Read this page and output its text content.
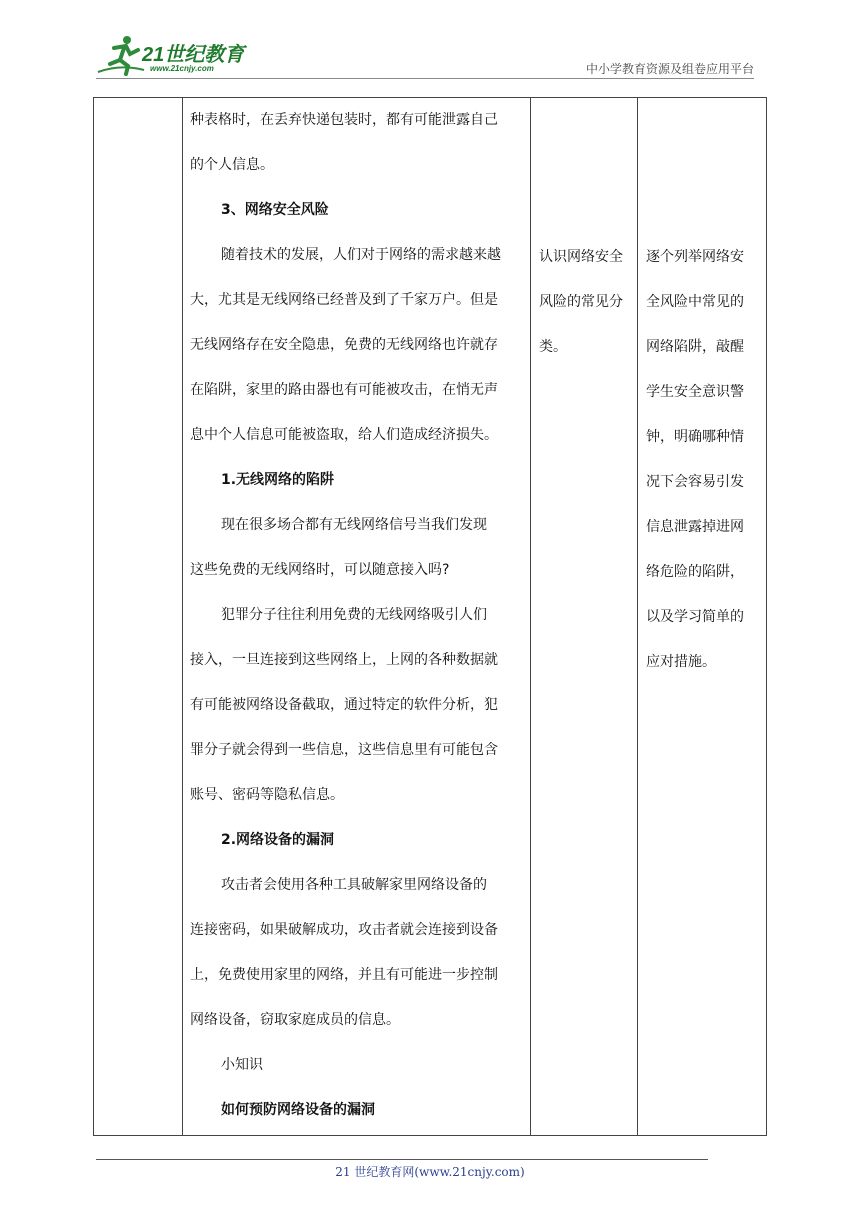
21世纪教育
www.21cnjy.com	中小学教育资源及组卷应用平台
种表格时，在丢弃快递包装时，都有可能泄露自己
的个人信息。
3、网络安全风险
随着技术的发展，人们对于网络的需求越来越
大，尤其是无线网络已经普及到了千家万户。但是
无线网络存在安全隐患，免费的无线网络也许就存
在陷阱，家里的路由器也有可能被攻击，在悄无声
息中个人信息可能被盗取，给人们造成经济损失。
1.无线网络的陷阱
现在很多场合都有无线网络信号当我们发现
这些免费的无线网络时，可以随意接入吗?
犯罪分子往往利用免费的无线网络吸引人们
接入，一旦连接到这些网络上，上网的各种数据就
有可能被网络设备截取，通过特定的软件分析，犯
罪分子就会得到一些信息，这些信息里有可能包含
账号、密码等隐私信息。
2.网络设备的漏洞
攻击者会使用各种工具破解家里网络设备的
连接密码，如果破解成功，攻击者就会连接到设备
上，免费使用家里的网络，并且有可能进一步控制
网络设备，窃取家庭成员的信息。
小知识
如何预防网络设备的漏洞
认识网络安全
风险的常见分
类。
逐个列举网络安
全风险中常见的
网络陷阱，敲醒
学生安全意识警
钟，明确哪种情
况下会容易引发
信息泄露掉进网
络危险的陷阱，
以及学习简单的
应对措施。
21 世纪教育网(www.21cnjy.com)
